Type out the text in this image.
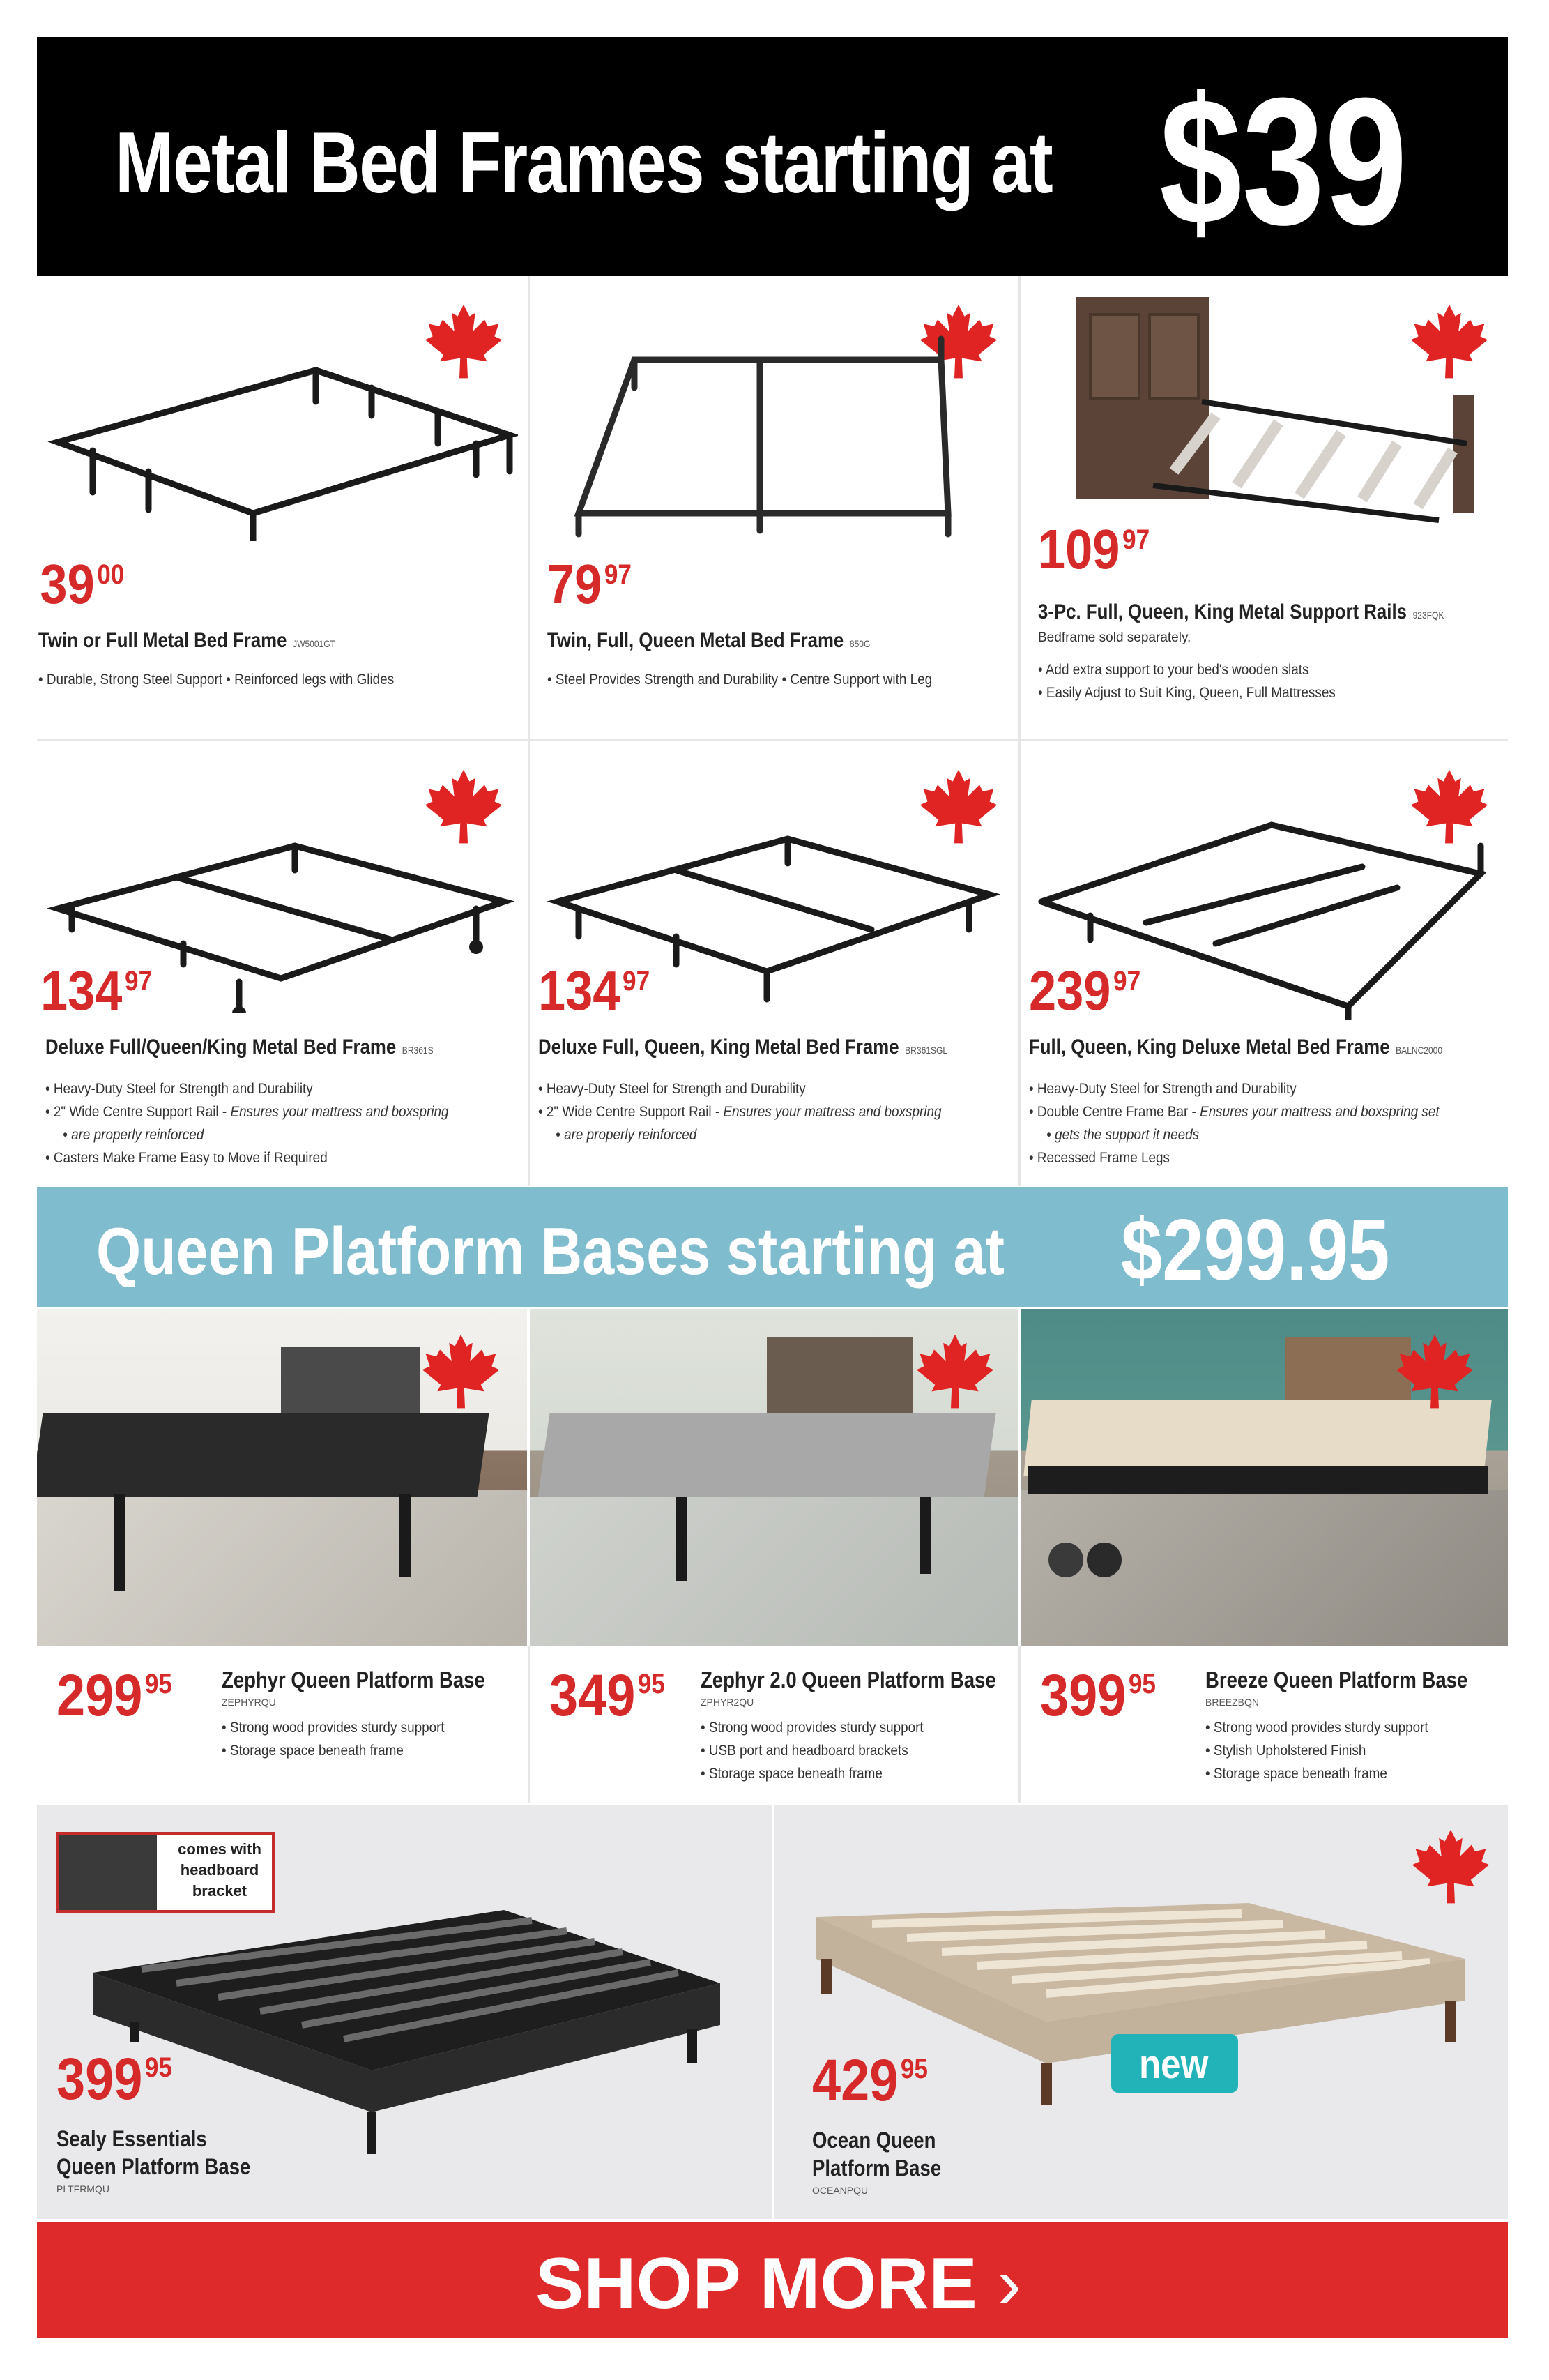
Metal Bed Frames starting at $39
$39^{00}$
Twin or Full Metal Bed Frame JW5001GT
• Durable, Strong Steel Support • Reinforced legs with Glides
$79^{97}$
Twin, Full, Queen Metal Bed Frame 850G
• Steel Provides Strength and Durability • Centre Support with Leg
$109^{97}$
3-Pc. Full, Queen, King Metal Support Rails 923FQK
Bedframe sold separately.
• Add extra support to your bed's wooden slats
• Easily Adjust to Suit King, Queen, Full Mattresses
$134^{97}$
Deluxe Full/Queen/King Metal Bed Frame BR361S
• Heavy-Duty Steel for Strength and Durability
• 2" Wide Centre Support Rail - Ensures your mattress and boxspring
• are properly reinforced
• Casters Make Frame Easy to Move if Required
$134^{97}$
Deluxe Full, Queen, King Metal Bed Frame BR361SGL
• Heavy-Duty Steel for Strength and Durability
• 2" Wide Centre Support Rail - Ensures your mattress and boxspring
• are properly reinforced
$239^{97}$
Full, Queen, King Deluxe Metal Bed Frame BALNC2000
• Heavy-Duty Steel for Strength and Durability
• Double Centre Frame Bar - Ensures your mattress and boxspring set
• gets the support it needs
• Recessed Frame Legs
Queen Platform Bases starting at $299.95
$299^{95}$ Zephyr Queen Platform Base
ZEPHYRQU
• Strong wood provides sturdy support
• Storage space beneath frame
$349^{95}$ Zephyr 2.0 Queen Platform Base
ZPHYR2QU
• Strong wood provides sturdy support
• USB port and headboard brackets
• Storage space beneath frame
$399^{95}$ Breeze Queen Platform Base
BREEZBQN
• Strong wood provides sturdy support
• Stylish Upholstered Finish
• Storage space beneath frame
comes with
headboard
bracket
$399^{95}$
Sealy Essentials
Queen Platform Base
PLTFRMQU
new
$429^{95}$
Ocean Queen
Platform Base
OCEANPQU
SHOP MORE ›
